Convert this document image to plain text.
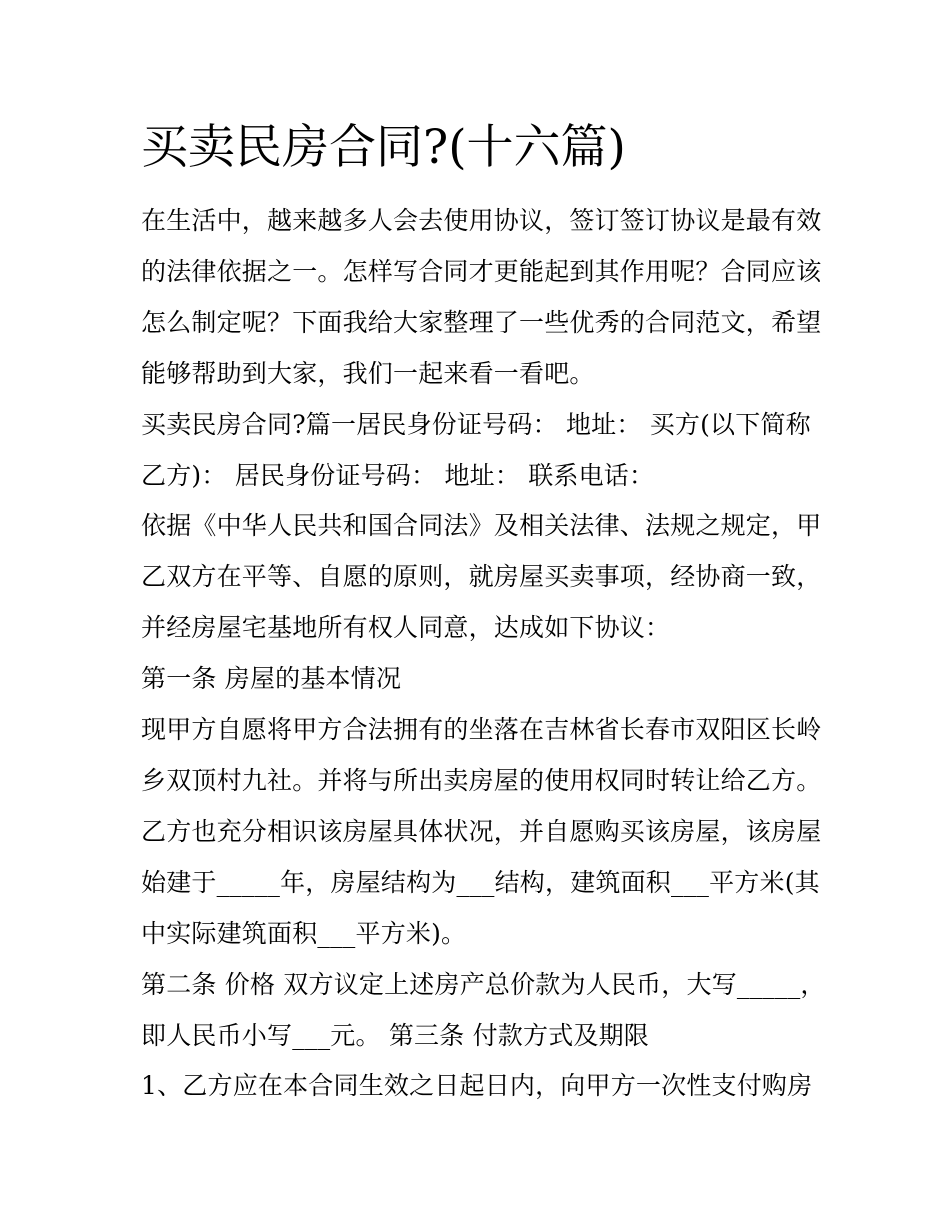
买卖民房合同?(十六篇)
在生活中，越来越多人会去使用协议，签订签订协议是最有效
的法律依据之一。怎样写合同才更能起到其作用呢？合同应该
怎么制定呢？下面我给大家整理了一些优秀的合同范文，希望
能够帮助到大家，我们一起来看一看吧。
买卖民房合同?篇一居民身份证号码： 地址： 买方(以下简称
乙方)： 居民身份证号码： 地址： 联系电话：
依据《中华人民共和国合同法》及相关法律、法规之规定，甲
乙双方在平等、自愿的原则，就房屋买卖事项，经协商一致，
并经房屋宅基地所有权人同意，达成如下协议：
第一条 房屋的基本情况
现甲方自愿将甲方合法拥有的坐落在吉林省长春市双阳区长岭
乡双顶村九社。并将与所出卖房屋的使用权同时转让给乙方。
乙方也充分相识该房屋具体状况，并自愿购买该房屋，该房屋
始建于_____年，房屋结构为___结构，建筑面积___平方米(其
中实际建筑面积___平方米)。
第二条 价格 双方议定上述房产总价款为人民币，大写_____，
即人民币小写___元。 第三条 付款方式及期限
1、乙方应在本合同生效之日起日内，向甲方一次性支付购房
